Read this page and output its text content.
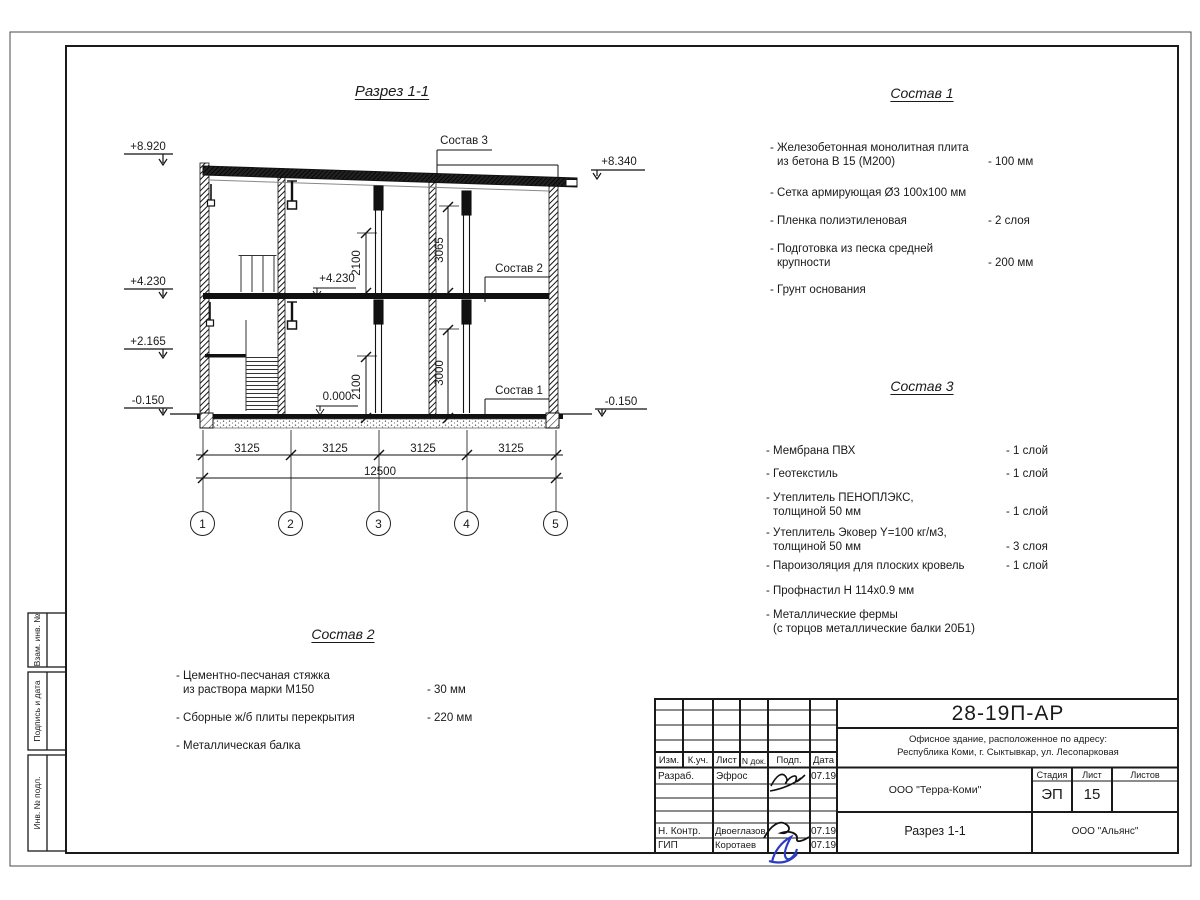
Разрез 1-1
+8.920
+4.230
+2.165
-0.150
+8.340
-0.150
+4.230
0.000
Состав 3
Состав 2
Состав 1
2100
3065
2100
3000
3125	3125	3125	3125
12500
1	2	3	4	5
Состав 1
- Железобетонная монолитная плита
из бетона В 15 (М200)	- 100 мм
- Сетка армирующая Ø3 100х100 мм
- Пленка полиэтиленовая	- 2 слоя
- Подготовка из песка средней
крупности	- 200 мм
- Грунт основания
Состав 3
- Мембрана ПВХ	- 1 слой
- Геотекстиль	- 1 слой
- Утеплитель ПЕНОПЛЭКС,
толщиной 50 мм	- 1 слой
- Утеплитель Эковер Y=100 кг/м3,
толщиной 50 мм	- 3 слоя
- Пароизоляция для плоских кровель	- 1 слой
- Профнастил Н 114х0.9 мм
- Металлические фермы
(с торцов металлические балки 20Б1)
Состав 2
- Цементно-песчаная стяжка
из раствора марки М150	- 30 мм
- Сборные ж/б плиты перекрытия	- 220 мм
- Металлическая балка
Взам. инв. №
Подпись и дата
Инв. № подл.
28-19П-АР
Офисное здание, расположенное по адресу:
Республика Коми, г. Сыктывкар, ул. Лесопарковая
ООО "Терра-Коми"
Стадия	Лист	Листов
ЭП	15
Разрез 1-1	ООО "Альянс"
Изм. К.уч. Лист N док.	Подп.	Дата
Разраб. Эфрос	07.19
Н. Контр. Двоеглазов	07.19
ГИП	Коротаев	07.19
